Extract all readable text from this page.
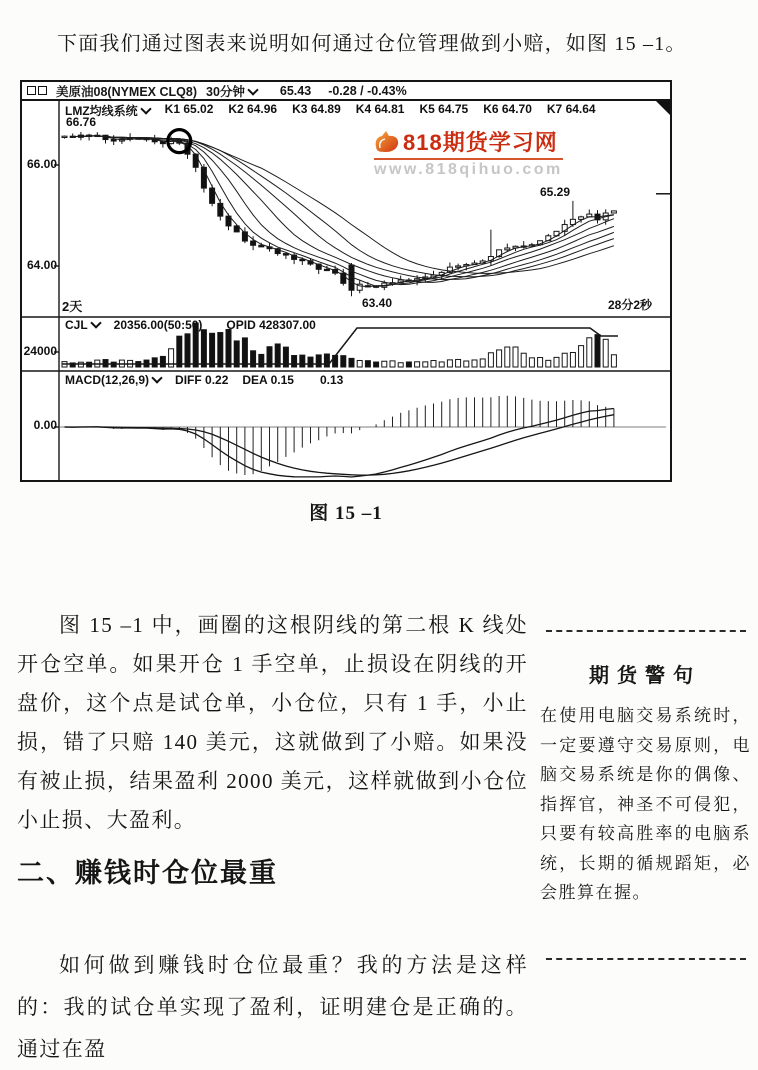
下面我们通过图表来说明如何通过仓位管理做到小赔，如图 15 –1。

美原油08(NYMEX CLQ8) 30分钟	65.43 -0.28 / -0.43%
LMZ均线系统	K1 65.02 K2 64.96 K3 64.89 K4 64.81 K5 64.75 K6 64.70 K7 64.64
66.76
66.00
64.00
65.29
63.40
2天	28分2秒
CJL	20356.00(50:50) OPID 428307.00
24000
MACD(12,26,9)	DIFF 0.22 DEA 0.15 0.13
0.00
818期货学习网
www.818qihuo.com
图 15 –1

图 15 –1 中，画圈的这根阴线的第二根 K 线处开仓空单。如果开仓 1 手空单，止损设在阴线的开盘价，这个点是试仓单，小仓位，只有 1 手，小止损，错了只赔 140 美元，这就做到了小赔。如果没有被止损，结果盈利 2000 美元，这样就做到小仓位小止损、大盈利。

期货警句
在使用电脑交易系统时，一定要遵守交易原则，电脑交易系统是你的偶像、指挥官，神圣不可侵犯，只要有较高胜率的电脑系统，长期的循规蹈矩，必会胜算在握。
二、赚钱时仓位最重

如何做到赚钱时仓位最重？我的方法是这样的：我的试仓单实现了盈利，证明建仓是正确的。通过在盈
